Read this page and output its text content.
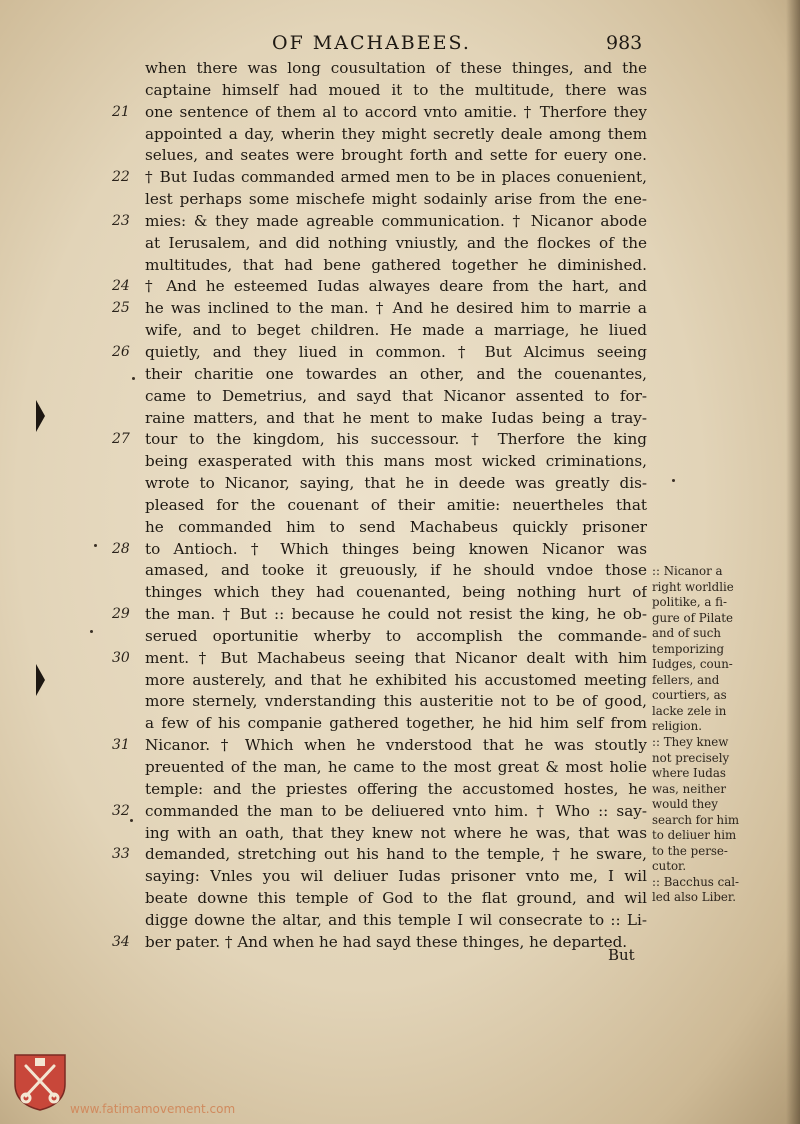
OF MACHABEES.	983
when there was long cousultation of these thinges, and the
captaine himself had moued it to the multitude, there was
21 one sentence of them al to accord vnto amitie. † Therfore they
appointed a day, wherin they might secretly deale among them
selues, and seates were brought forth and sette for euery one.
22 † But Iudas commanded armed men to be in places conuenient,
lest perhaps some mischefe might sodainly arise from the ene-
23 mies: & they made agreable communication. † Nicanor abode
at Ierusalem, and did nothing vniustly, and the flockes of the
multitudes, that had bene gathered together he diminished.
24 † And he esteemed Iudas alwayes deare from the hart, and
25 he was inclined to the man. † And he desired him to marrie a
wife, and to beget children. He made a marriage, he liued
26 quietly, and they liued in common. † But Alcimus seeing
their charitie one towardes an other, and the couenantes,
came to Demetrius, and sayd that Nicanor assented to for-
raine matters, and that he ment to make Iudas being a tray-
27 tour to the kingdom, his successour. † Therfore the king
being exasperated with this mans most wicked criminations,
wrote to Nicanor, saying, that he in deede was greatly dis-
pleased for the couenant of their amitie: neuertheles that
he commanded him to send Machabeus quickly prisoner
28 to Antioch. † Which thinges being knowen Nicanor was
amased, and tooke it greuously, if he should vndoe those
thinges which they had couenanted, being nothing hurt of
29 the man. † But :: because he could not resist the king, he ob-
serued oportunitie wherby to accomplish the commande-
30 ment. † But Machabeus seeing that Nicanor dealt with him
more austerely, and that he exhibited his accustomed meeting
more sternely, vnderstanding this austeritie not to be of good,
a few of his companie gathered together, he hid him self from
31 Nicanor. † Which when he vnderstood that he was stoutly
preuented of the man, he came to the most great & most holie
temple: and the priestes offering the accustomed hostes, he
32 commanded the man to be deliuered vnto him. † Who :: say-
ing with an oath, that they knew not where he was, that was
33 demanded, stretching out his hand to the temple, † he sware,
saying: Vnles you wil deliuer Iudas prisoner vnto me, I wil
beate downe this temple of God to the flat ground, and wil
digge downe the altar, and this temple I wil consecrate to :: Li-
34 ber pater. † And when he had sayd these thinges, he departed.
But
:: Nicanor a
right worldlie
politike, a fi-
gure of Pilate
and of such
temporizing
Iudges, coun-
fellers, and
courtiers, as
lacke zele in
religion.
:: They knew
not precisely
where Iudas
was, neither
would they
search for him
to deliuer him
to the perse-
cutor.
:: Bacchus cal-
led also Liber.
www.fatimamovement.com
